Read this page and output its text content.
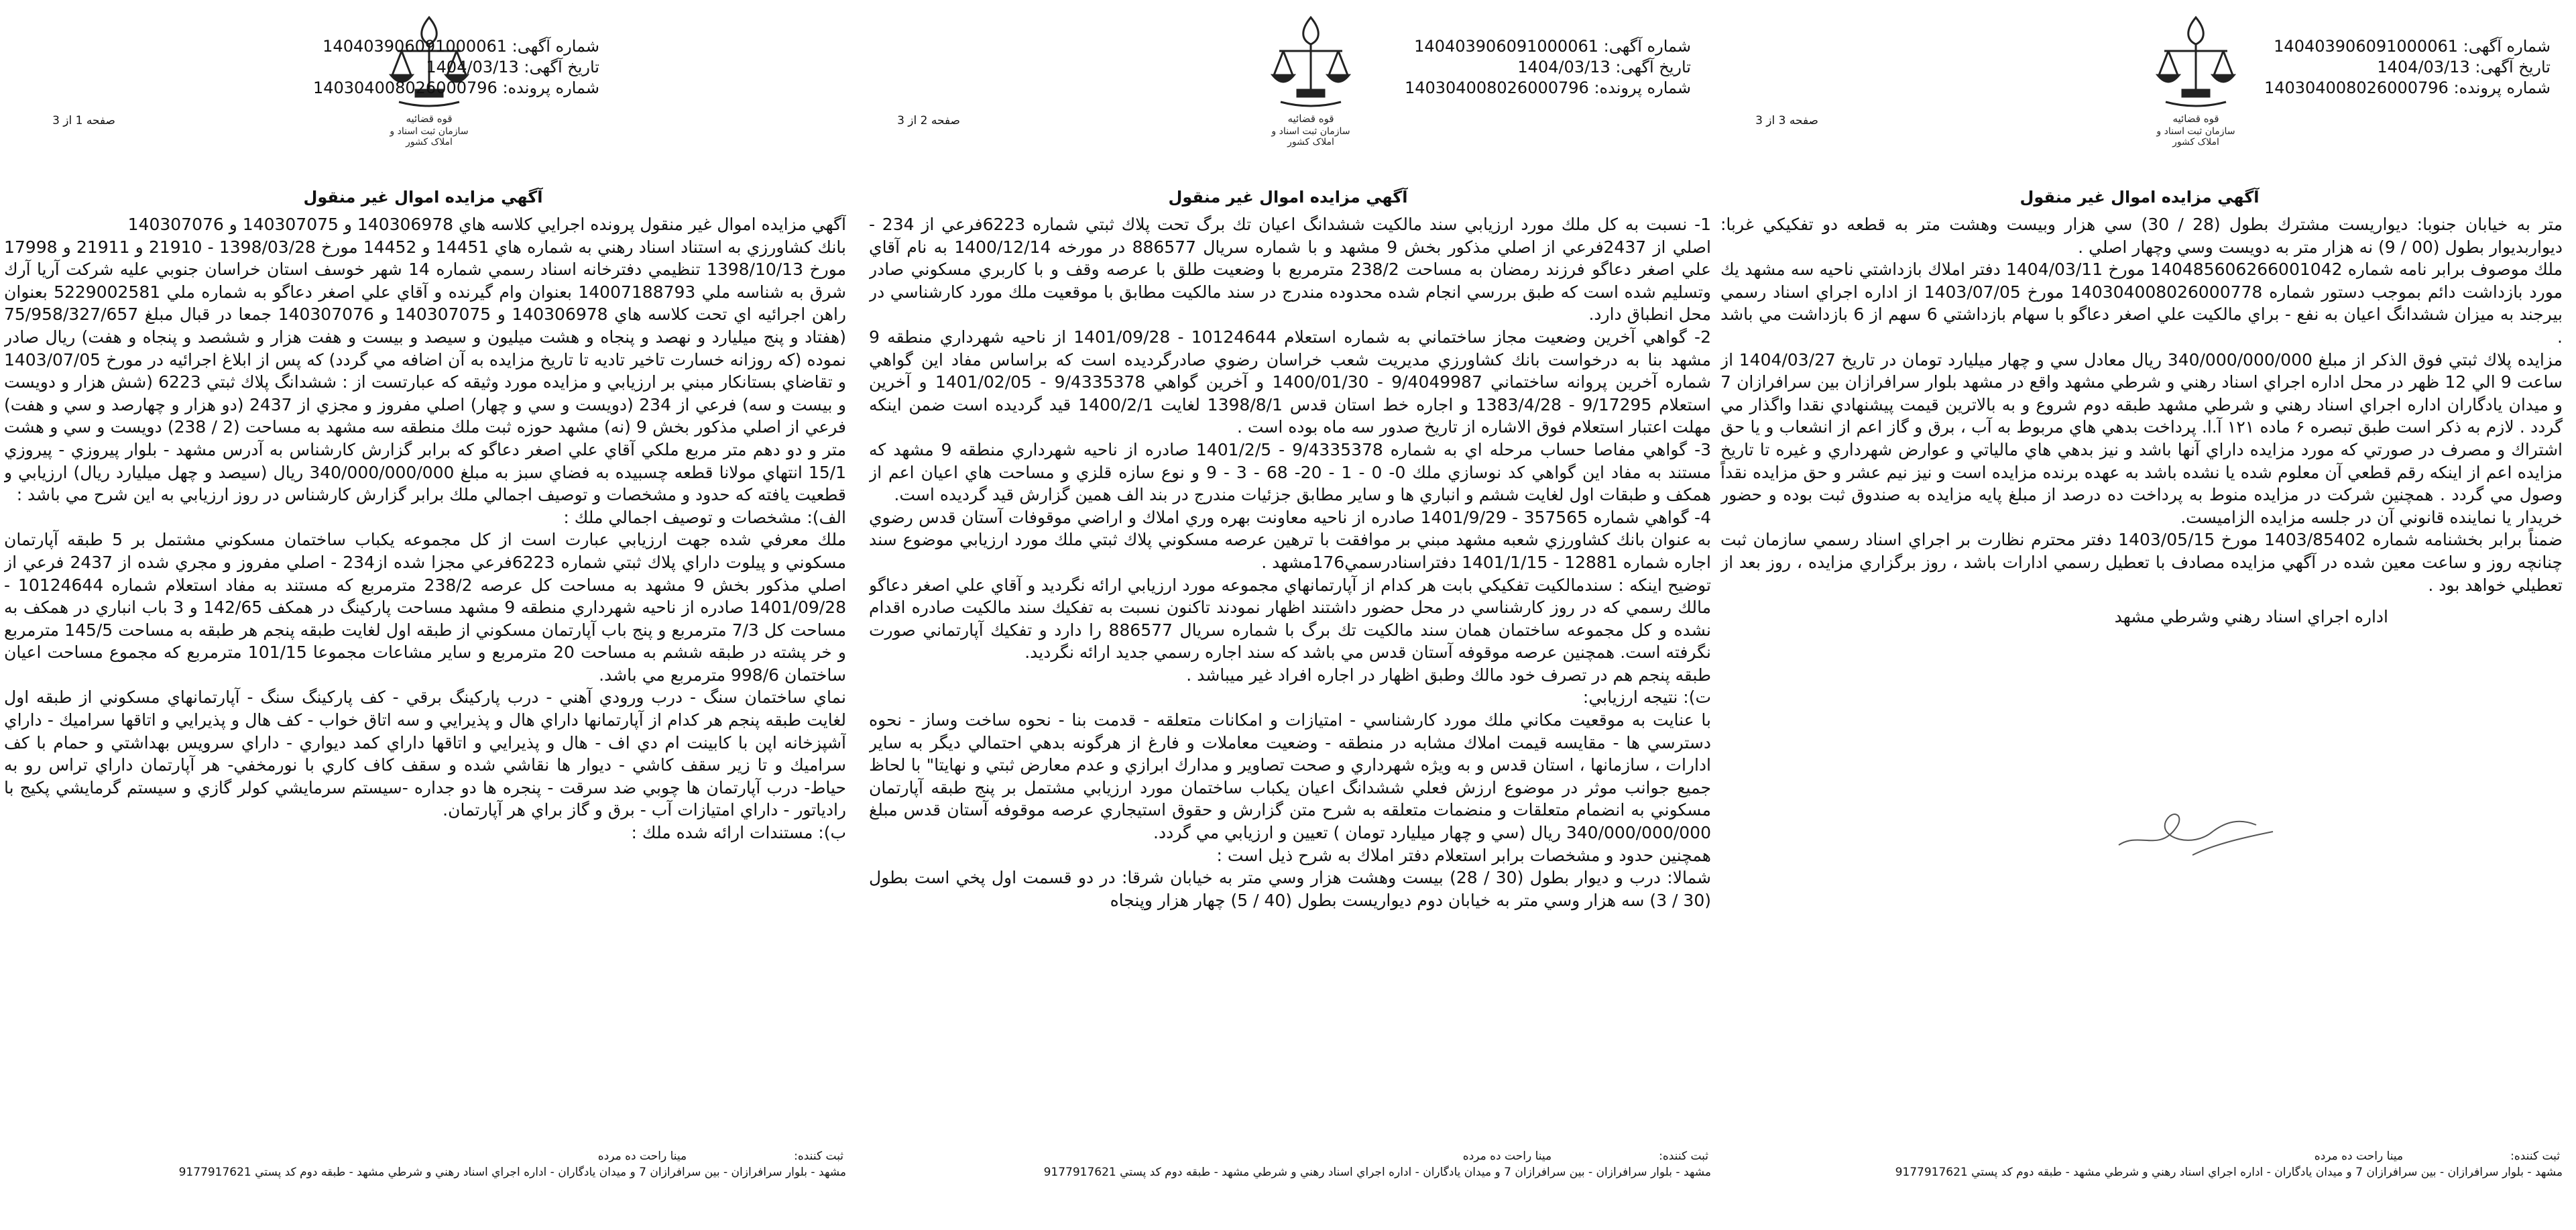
قوه قضائیه
سازمان ثبت اسناد و املاک کشور
شماره آگهی: 140403906091000061
تاریخ آگهی: 1404/03/13
شماره پرونده: 140304008026000796
صفحه 3 از 3
آگهي مزايده اموال غير منقول

متر به خيابان جنوبا: ديواريست مشترك بطول (28 / 30) سي هزار وبيست وهشت متر به قطعه دو تفكيكي غربا: ديواربديوار بطول (00 / 9) نه هزار متر به دويست وسي وچهار اصلي .

ملك موصوف برابر نامه شماره 140485606266001042 مورخ 1404/03/11 دفتر املاك بازداشتي ناحيه سه مشهد يك مورد بازداشت دائم بموجب دستور شماره 140304008026000778 مورخ 1403/07/05 از اداره اجراي اسناد رسمي بيرجند به ميزان ششدانگ اعيان به نفع - براي مالكيت علي اصغر دعاگو با سهام بازداشتي 6 سهم از 6 بازداشت مي باشد .

مزايده پلاك ثبتي فوق الذكر از مبلغ 340/000/000/000 ريال معادل سي و چهار ميليارد تومان در تاريخ 1404/03/27 از ساعت 9 الي 12 ظهر در محل اداره اجراي اسناد رهني و شرطي مشهد واقع در مشهد بلوار سرافرازان بين سرافرازان 7 و ميدان يادگاران اداره اجراي اسناد رهني و شرطي مشهد طبقه دوم شروع و به بالاترين قيمت پيشنهادي نقدا واگذار مي گردد . لازم به ذكر است طبق تبصره ۶ ماده ۱۲۱ آ.ا. پرداخت بدهي هاي مربوط به آب ، برق و گاز اعم از انشعاب و يا حق اشتراك و مصرف در صورتي كه مورد مزايده داراي آنها باشد و نيز بدهي هاي مالياتي و عوارض شهرداري و غيره تا تاريخ مزايده اعم از اينكه رقم قطعي آن معلوم شده يا نشده باشد به عهده برنده مزايده است و نيز نيم عشر و حق مزايده نقداً وصول مي گردد . همچنين شركت در مزايده منوط به پرداخت ده درصد از مبلغ پايه مزايده به صندوق ثبت بوده و حضور خريدار يا نماينده قانوني آن در جلسه مزايده الزاميست.

ضمناً برابر بخشنامه شماره 1403/85402 مورخ 1403/05/15 دفتر محترم نظارت بر اجراي اسناد رسمي سازمان ثبت چنانچه روز و ساعت معين شده در آگهي مزايده مصادف با تعطيل رسمي ادارات باشد ، روز برگزاري مزايده ، روز بعد از تعطيلي خواهد بود .

اداره اجراي اسناد رهني وشرطي مشهد

ثبت كننده:
مينا راحت ده مرده
مشهد - بلوار سرافرازان - بين سرافرازان 7 و ميدان يادگاران - اداره اجراي اسناد رهني و شرطي مشهد - طبقه دوم كد پستي 9177917621
قوه قضائیه
سازمان ثبت اسناد و املاک کشور
شماره آگهی: 140403906091000061
تاریخ آگهی: 1404/03/13
شماره پرونده: 140304008026000796
صفحه 2 از 3
آگهي مزايده اموال غير منقول

1- نسبت به كل ملك مورد ارزيابي سند مالكيت ششدانگ اعيان تك برگ تحت پلاك ثبتي شماره 6223فرعي از 234 - اصلي از 2437فرعي از اصلي مذكور بخش 9 مشهد و با شماره سريال 886577 در مورخه 1400/12/14 به نام آقاي علي اصغر دعاگو فرزند رمضان به مساحت 238/2 مترمربع با وضعيت طلق با عرصه وقف و با كاربري مسكوني صادر وتسليم شده است كه طبق بررسي انجام شده محدوده مندرج در سند مالكيت مطابق با موقعيت ملك مورد كارشناسي در محل انطباق دارد.

2- گواهي آخرين وضعيت مجاز ساختماني به شماره استعلام 10124644 - 1401/09/28 از ناحيه شهرداري منطقه 9 مشهد بنا به درخواست بانك كشاورزي مديريت شعب خراسان رضوي صادرگرديده است كه براساس مفاد اين گواهي شماره آخرين پروانه ساختماني 9/4049987 - 1400/01/30 و آخرين گواهي 9/4335378 - 1401/02/05 و آخرين استعلام 9/17295 - 1383/4/28 و اجاره خط استان قدس 1398/8/1 لغايت 1400/2/1 قيد گرديده است ضمن اينكه مهلت اعتبار استعلام فوق الاشاره از تاريخ صدور سه ماه بوده است .

3- گواهي مفاصا حساب مرحله اي به شماره 9/4335378 - 1401/2/5 صادره از ناحيه شهرداري منطقه 9 مشهد كه مستند به مفاد اين گواهي كد نوسازي ملك 0- 0 - 1 - 20- 68 - 3 - 9 و نوع سازه قلزي و مساحت هاي اعيان اعم از همكف و طبقات اول لغايت ششم و انباري ها و ساير مطابق جزئيات مندرج در بند الف همين گزارش قيد گرديده است.

4- گواهي شماره 357565 - 1401/9/29 صادره از ناحيه معاونت بهره وري املاك و اراضي موقوفات آستان قدس رضوي به عنوان بانك كشاورزي شعبه مشهد مبني بر موافقت با ترهين عرصه مسكوني پلاك ثبتي ملك مورد ارزيابي موضوع سند اجاره شماره 12881 - 1401/1/15 دفتراسنادرسمي176مشهد .

توضيح اينكه : سندمالكيت تفكيكي بابت هر كدام از آپارتمانهاي مجموعه مورد ارزيابي ارائه نگرديد و آقاي علي اصغر دعاگو مالك رسمي كه در روز كارشناسي در محل حضور داشتند اظهار نمودند تاكنون نسبت به تفكيك سند مالكيت صادره اقدام نشده و كل مجموعه ساختمان همان سند مالكيت تك برگ با شماره سريال 886577 را دارد و تفكيك آپارتماني صورت نگرفته است. همچنين عرصه موقوفه آستان قدس مي باشد كه سند اجاره رسمي جديد ارائه نگرديد.

طبقه پنجم هم در تصرف خود مالك وطبق اظهار در اجاره افراد غير ميباشد .

ت): نتيجه ارزيابي:

با عنايت به موقعيت مكاني ملك مورد كارشناسي - امتيازات و امكانات متعلقه - قدمت بنا - نحوه ساخت وساز - نحوه دسترسي ها - مقايسه قيمت املاك مشابه در منطقه - وضعيت معاملات و فارغ از هرگونه بدهي احتمالي ديگر به ساير ادارات ، سازمانها ، استان قدس و به ويژه شهرداري و صحت تصاوير و مدارك ابرازي و عدم معارض ثبتي و نهايتا" با لحاظ جميع جوانب موثر در موضوع ارزش فعلي ششدانگ اعيان يكباب ساختمان مورد ارزيابي مشتمل بر پنج طبقه آپارتمان مسكوني به انضمام متعلقات و منضمات متعلقه به شرح متن گزارش و حقوق استيجاري عرصه موقوفه آستان قدس مبلغ 340/000/000/000 ريال (سي و چهار ميليارد تومان ) تعيين و ارزيابي مي گردد.

همچنين حدود و مشخصات برابر استعلام دفتر املاك به شرح ذيل است :

شمالا: درب و ديوار بطول (30 / 28) بيست وهشت هزار وسي متر به خيابان شرقا: در دو قسمت اول پخي است بطول (30 / 3) سه هزار وسي متر به خيابان دوم ديواريست بطول (40 / 5) چهار هزار وپنجاه

ثبت كننده:
مينا راحت ده مرده
مشهد - بلوار سرافرازان - بين سرافرازان 7 و ميدان يادگاران - اداره اجراي اسناد رهني و شرطي مشهد - طبقه دوم كد پستي 9177917621
قوه قضائیه
سازمان ثبت اسناد و املاک کشور
شماره آگهی: 140403906091000061
تاریخ آگهی: 1404/03/13
شماره پرونده: 140304008026000796
صفحه 1 از 3
آگهي مزايده اموال غير منقول

آگهي مزايده اموال غير منقول پرونده اجرايي كلاسه هاي 140306978 و 140307075 و 140307076

بانك كشاورزي به استناد اسناد رهني به شماره هاي 14451 و 14452 مورخ 1398/03/28 - 21910 و 21911 و 17998 مورخ 1398/10/13 تنظيمي دفترخانه اسناد رسمي شماره 14 شهر خوسف استان خراسان جنوبي عليه شركت آريا آرك شرق به شناسه ملي 14007188793 بعنوان وام گيرنده و آقاي علي اصغر دعاگو به شماره ملي 5229002581 بعنوان راهن اجرائيه اي تحت كلاسه هاي 140306978 و 140307075 و 140307076 جمعا در قبال مبلغ 75/958/327/657 (هفتاد و پنج ميليارد و نهصد و پنجاه و هشت ميليون و سيصد و بيست و هفت هزار و ششصد و پنجاه و هفت) ريال صادر نموده (كه روزانه خسارت تاخير تاديه تا تاريخ مزايده به آن اضافه مي گردد) كه پس از ابلاغ اجرائيه در مورخ 1403/07/05 و تقاضاي بستانكار مبني بر ارزيابي و مزايده مورد وثيقه كه عبارتست از : ششدانگ پلاك ثبتي 6223 (شش هزار و دويست و بيست و سه) فرعي از 234 (دويست و سي و چهار) اصلي مفروز و مجزي از 2437 (دو هزار و چهارصد و سي و هفت) فرعي از اصلي مذكور بخش 9 (نه) مشهد حوزه ثبت ملك منطقه سه مشهد به مساحت (2 / 238) دويست و سي و هشت متر و دو دهم متر مربع ملكي آقاي علي اصغر دعاگو كه برابر گزارش كارشناس به آدرس مشهد - بلوار پيروزي - پيروزي 15/1 انتهاي مولانا قطعه چسبيده به فضاي سبز به مبلغ 340/000/000/000 ريال (سيصد و چهل ميليارد ريال) ارزيابي و قطعيت يافته كه حدود و مشخصات و توصيف اجمالي ملك برابر گزارش كارشناس در روز ارزيابي به اين شرح مي باشد :

الف): مشخصات و توصيف اجمالي ملك :

ملك معرفي شده جهت ارزيابي عبارت است از كل مجموعه يكباب ساختمان مسكوني مشتمل بر 5 طبقه آپارتمان مسكوني و پيلوت داراي پلاك ثبتي شماره 6223فرعي مجزا شده از234 - اصلي مفروز و مجري شده از 2437 فرعي از اصلي مذكور بخش 9 مشهد به مساحت كل عرصه 238/2 مترمربع كه مستند به مفاد استعلام شماره 10124644 - 1401/09/28 صادره از ناحيه شهرداري منطقه 9 مشهد مساحت پاركينگ در همكف 142/65 و 3 باب انباري در همكف به مساحت كل 7/3 مترمربع و پنج باب آپارتمان مسكوني از طبقه اول لغايت طبقه پنجم هر طبقه به مساحت 145/5 مترمربع و خر پشته در طبقه ششم به مساحت 20 مترمربع و ساير مشاعات مجموعا 101/15 مترمربع كه مجموع مساحت اعيان ساختمان 998/6 مترمربع مي باشد.

نماي ساختمان سنگ - درب ورودي آهني - درب پاركينگ برقي - كف پاركينگ سنگ - آپارتمانهاي مسكوني از طبقه اول لغايت طبقه پنجم هر كدام از آپارتمانها داراي هال و پذيرايي و سه اتاق خواب - كف هال و پذيرايي و اتاقها سراميك - داراي آشپزخانه اپن با كابينت ام دي اف - هال و پذيرايي و اتاقها داراي كمد ديواري - داراي سرويس بهداشتي و حمام با كف سراميك و تا زير سقف كاشي - ديوار ها نقاشي شده و سقف كاف كاري با نورمخفي- هر آپارتمان داراي تراس رو به حياط- درب آپارتمان ها چوبي ضد سرقت - پنجره ها دو جداره -سيستم سرمايشي كولر گازي و سيستم گرمايشي پكيج با رادياتور - داراي امتيازات آب - برق و گاز براي هر آپارتمان.

ب): مستندات ارائه شده ملك :

ثبت كننده:
مينا راحت ده مرده
مشهد - بلوار سرافرازان - بين سرافرازان 7 و ميدان يادگاران - اداره اجراي اسناد رهني و شرطي مشهد - طبقه دوم كد پستي 9177917621
